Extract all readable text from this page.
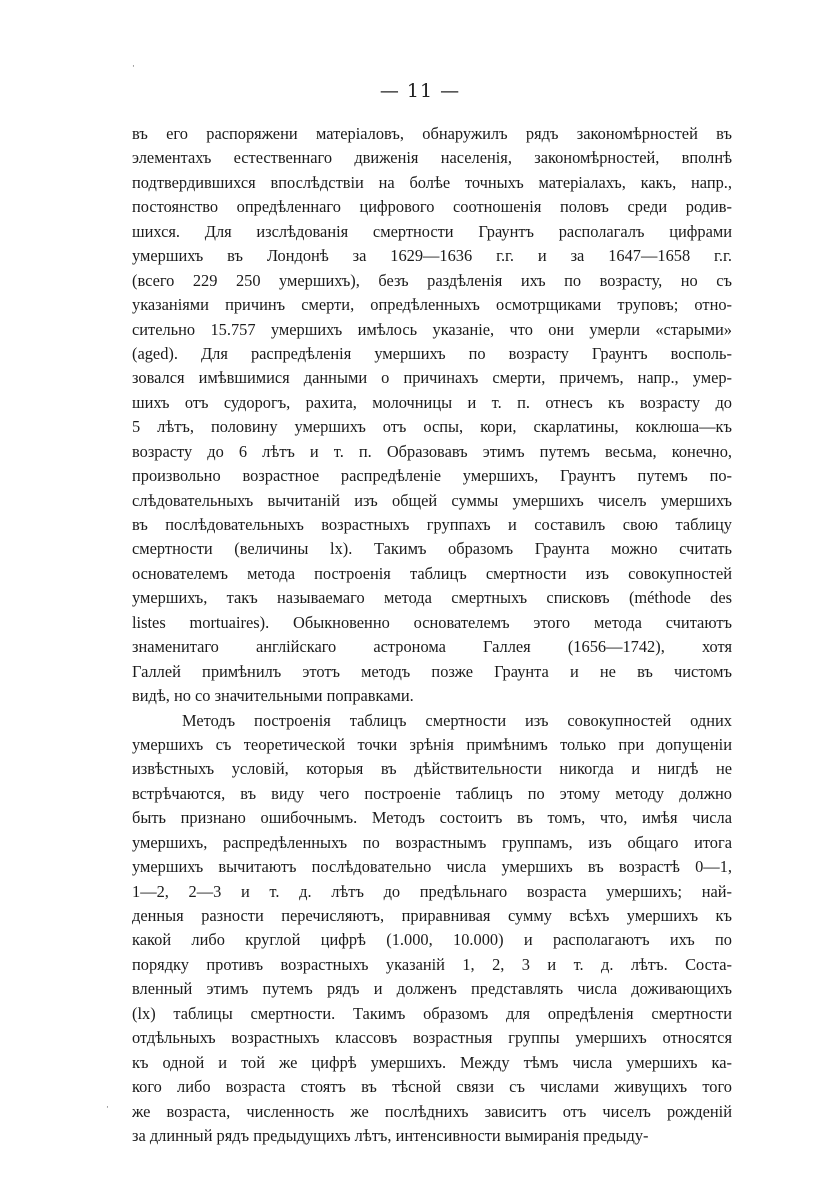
·
— 11 —
въ его распоряжени матеріаловъ, обнаружилъ рядъ закономѣрностей въ
элементахъ естественнаго движенія населенія, закономѣрностей, вполнѣ
подтвердившихся впослѣдствіи на болѣе точныхъ матеріалахъ, какъ, напр.,
постоянство опредѣленнаго цифрового соотношенія половъ среди родив-
шихся. Для изслѣдованія смертности Граунтъ располагалъ цифрами
умершихъ въ Лондонѣ за 1629—1636 г.г. и за 1647—1658 г.г.
(всего 229 250 умершихъ), безъ раздѣленія ихъ по возрасту, но съ
указаніями причинъ смерти, опредѣленныхъ осмотрщиками труповъ; отно-
сительно 15.757 умершихъ имѣлось указаніе, что они умерли «старыми»
(aged). Для распредѣленія умершихъ по возрасту Граунтъ восполь-
зовался имѣвшимися данными о причинахъ смерти, причемъ, напр., умер-
шихъ отъ судорогъ, рахита, молочницы и т. п. отнесъ къ возрасту до
5 лѣтъ, половину умершихъ отъ оспы, кори, скарлатины, коклюша—къ
возрасту до 6 лѣтъ и т. п. Образовавъ этимъ путемъ весьма, конечно,
произвольно возрастное распредѣленіе умершихъ, Граунтъ путемъ по-
слѣдовательныхъ вычитаній изъ общей суммы умершихъ чиселъ умершихъ
въ послѣдовательныхъ возрастныхъ группахъ и составилъ свою таблицу
смертности (величины lx). Такимъ образомъ Граунта можно считать
основателемъ метода построенія таблицъ смертности изъ совокупностей
умершихъ, такъ называемаго метода смертныхъ списковъ (méthode des
listes mortuaires). Обыкновенно основателемъ этого метода считаютъ
знаменитаго англійскаго астронома Галлея (1656—1742), хотя
Галлей примѣнилъ этотъ методъ позже Граунта и не въ чистомъ
видѣ, но со значительными поправками.
Методъ построенія таблицъ смертности изъ совокупностей одних
умершихъ съ теоретической точки зрѣнія примѣнимъ только при допущеніи
извѣстныхъ условій, которыя въ дѣйствительности никогда и нигдѣ не
встрѣчаются, въ виду чего построеніе таблицъ по этому методу должно
быть признано ошибочнымъ. Методъ состоитъ въ томъ, что, имѣя числа
умершихъ, распредѣленныхъ по возрастнымъ группамъ, изъ общаго итога
умершихъ вычитаютъ послѣдовательно числа умершихъ въ возрастѣ 0—1,
1—2, 2—3 и т. д. лѣтъ до предѣльнаго возраста умершихъ; най-
денныя разности перечисляютъ, приравнивая сумму всѣхъ умершихъ къ
какой либо круглой цифрѣ (1.000, 10.000) и располагаютъ ихъ по
порядку противъ возрастныхъ указаній 1, 2, 3 и т. д. лѣтъ. Соста-
вленный этимъ путемъ рядъ и долженъ представлять числа доживающихъ
(lx) таблицы смертности. Такимъ образомъ для опредѣленія смертности
отдѣльныхъ возрастныхъ классовъ возрастныя группы умершихъ относятся
къ одной и той же цифрѣ умершихъ. Между тѣмъ числа умершихъ ка-
кого либо возраста стоятъ въ тѣсной связи съ числами живущихъ того
же возраста, численность же послѣднихъ зависитъ отъ чиселъ рожденій
за длинный рядъ предыдущихъ лѣтъ, интенсивности вымиранія предыду-
·
